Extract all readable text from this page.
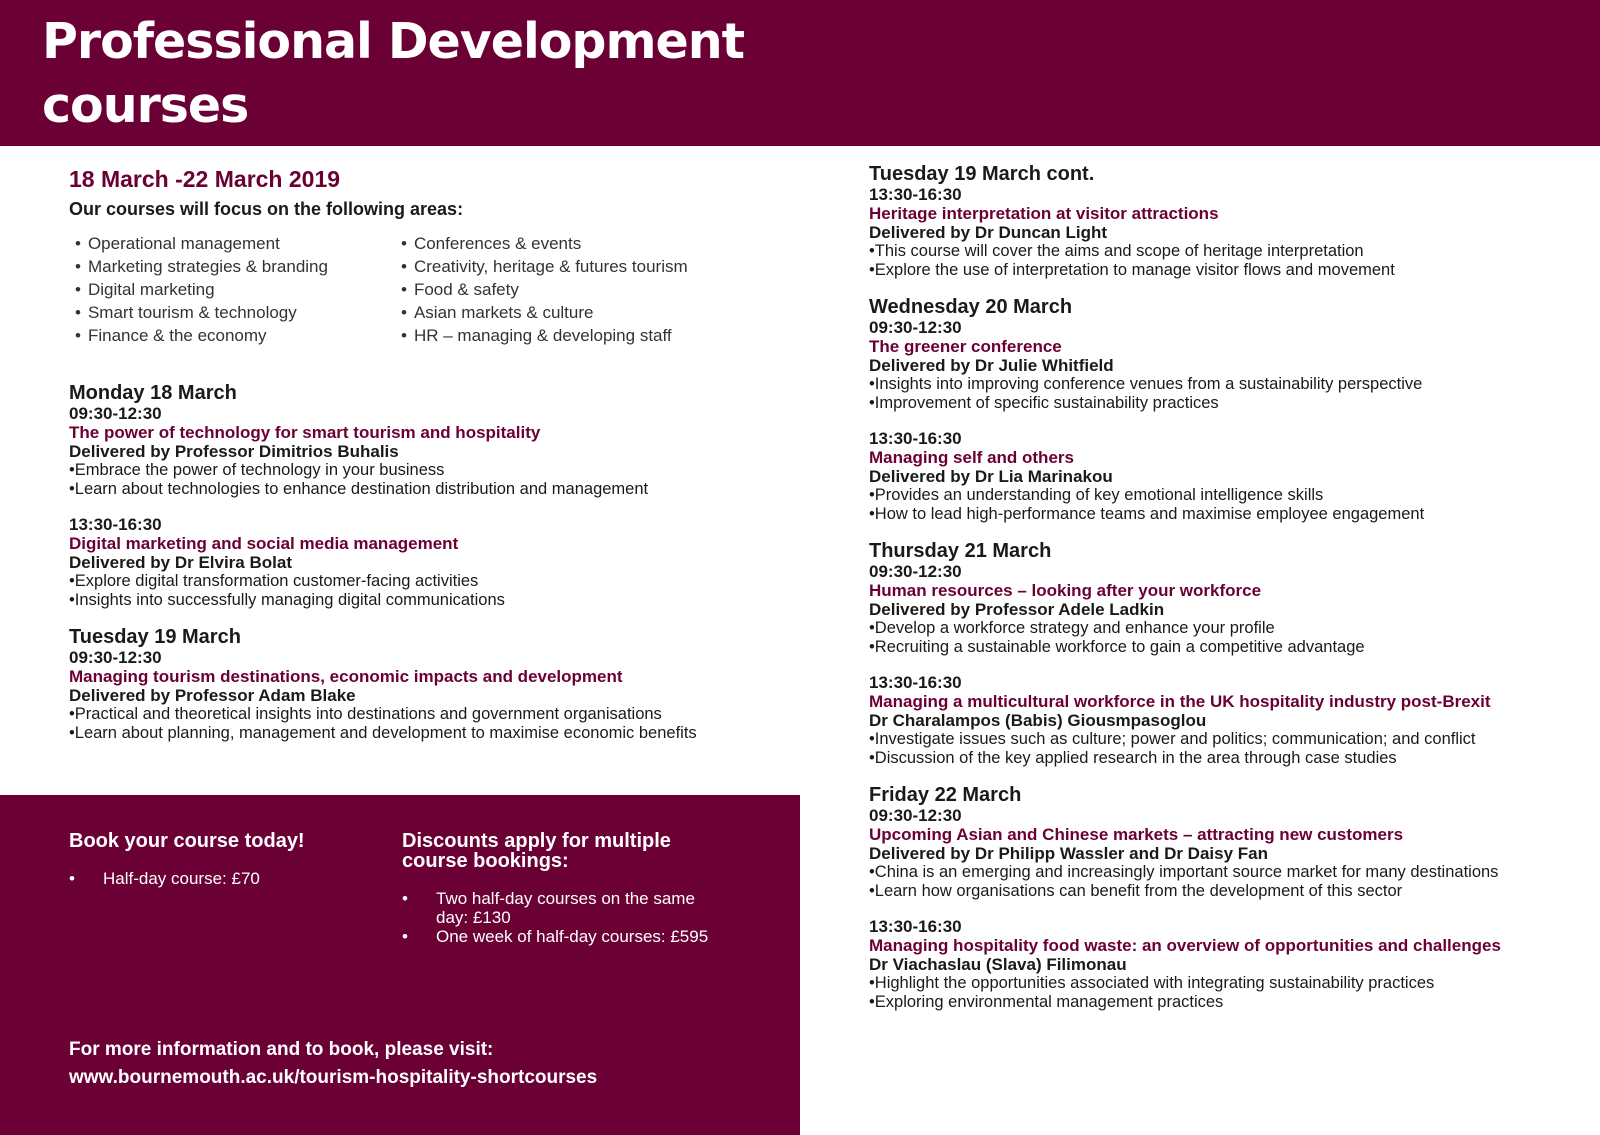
Professional Development
courses
18 March -22 March 2019
Our courses will focus on the following areas:
• Operational management
• Marketing strategies & branding
• Digital marketing
• Smart tourism & technology
• Finance & the economy
• Conferences & events
• Creativity, heritage & futures tourism
• Food & safety
• Asian markets & culture
• HR – managing & developing staff
Monday 18 March
09:30-12:30
The power of technology for smart tourism and hospitality
Delivered by Professor Dimitrios Buhalis
• Embrace the power of technology in your business
• Learn about technologies to enhance destination distribution and management
13:30-16:30
Digital marketing and social media management
Delivered by Dr Elvira Bolat
• Explore digital transformation customer-facing activities
• Insights into successfully managing digital communications
Tuesday 19 March
09:30-12:30
Managing tourism destinations, economic impacts and development
Delivered by Professor Adam Blake
• Practical and theoretical insights into destinations and government organisations
• Learn about planning, management and development to maximise economic benefits
Book your course today!
• Half-day course: £70
Discounts apply for multiple course bookings:
• Two half-day courses on the same day: £130
• One week of half-day courses: £595
For more information and to book, please visit:
www.bournemouth.ac.uk/tourism-hospitality-shortcourses
Tuesday 19 March cont.
13:30-16:30
Heritage interpretation at visitor attractions
Delivered by Dr Duncan Light
• This course will cover the aims and scope of heritage interpretation
• Explore the use of interpretation to manage visitor flows and movement
Wednesday 20 March
09:30-12:30
The greener conference
Delivered by Dr Julie Whitfield
• Insights into improving conference venues from a sustainability perspective
• Improvement of specific sustainability practices
13:30-16:30
Managing self and others
Delivered by Dr Lia Marinakou
• Provides an understanding of key emotional intelligence skills
• How to lead high-performance teams and maximise employee engagement
Thursday 21 March
09:30-12:30
Human resources – looking after your workforce
Delivered by Professor Adele Ladkin
• Develop a workforce strategy and enhance your profile
• Recruiting a sustainable workforce to gain a competitive advantage
13:30-16:30
Managing a multicultural workforce in the UK hospitality industry post-Brexit
Dr Charalampos (Babis) Giousmpasoglou
• Investigate issues such as culture; power and politics; communication; and conflict
• Discussion of the key applied research in the area through case studies
Friday 22 March
09:30-12:30
Upcoming Asian and Chinese markets – attracting new customers
Delivered by Dr Philipp Wassler and Dr Daisy Fan
• China is an emerging and increasingly important source market for many destinations
• Learn how organisations can benefit from the development of this sector
13:30-16:30
Managing hospitality food waste: an overview of opportunities and challenges
Dr Viachaslau (Slava) Filimonau
• Highlight the opportunities associated with integrating sustainability practices
• Exploring environmental management practices
